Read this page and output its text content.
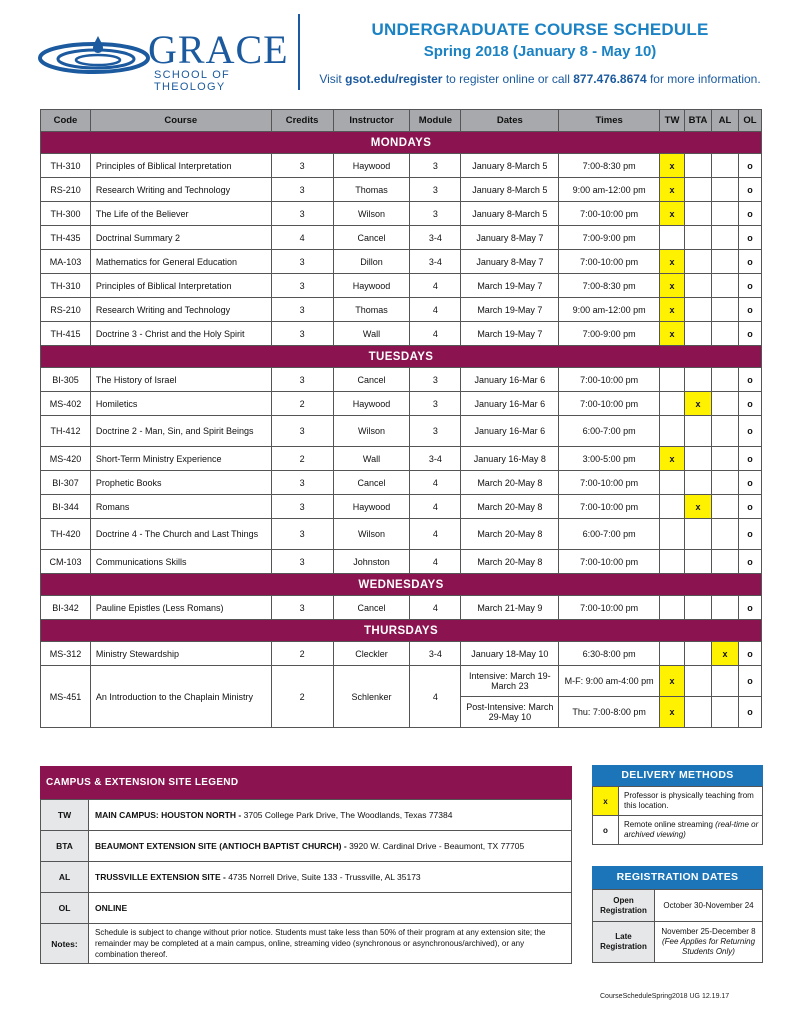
GRACE
SCHOOL OF THEOLOGY
UNDERGRADUATE COURSE SCHEDULE
Spring 2018 (January 8 - May 10)
Visit gsot.edu/register to register online or call 877.476.8674 for more information.
Code	Course	Credits	Instructor	Module	Dates	Times	TW	BTA	AL	OL
MONDAYS										
TH-310	Principles of Biblical Interpretation	3	Haywood	3	January 8-March 5	7:00-8:30 pm	x			o
RS-210	Research Writing and Technology	3	Thomas	3	January 8-March 5	9:00 am-12:00 pm	x			o
TH-300	The Life of the Believer	3	Wilson	3	January 8-March 5	7:00-10:00 pm	x			o
TH-435	Doctrinal Summary 2	4	Cancel	3-4	January 8-May 7	7:00-9:00 pm				o
MA-103	Mathematics for General Education	3	Dillon	3-4	January 8-May 7	7:00-10:00 pm	x			o
TH-310	Principles of Biblical Interpretation	3	Haywood	4	March 19-May 7	7:00-8:30 pm	x			o
RS-210	Research Writing and Technology	3	Thomas	4	March 19-May 7	9:00 am-12:00 pm	x			o
TH-415	Doctrine 3 - Christ and the Holy Spirit	3	Wall	4	March 19-May 7	7:00-9:00 pm	x			o
TUESDAYS										
BI-305	The History of Israel	3	Cancel	3	January 16-Mar 6	7:00-10:00 pm				o
MS-402	Homiletics	2	Haywood	3	January 16-Mar 6	7:00-10:00 pm		x		o
TH-412	Doctrine 2 - Man, Sin, and Spirit Beings	3	Wilson	3	January 16-Mar 6	6:00-7:00 pm				o
MS-420	Short-Term Ministry Experience	2	Wall	3-4	January 16-May 8	3:00-5:00 pm	x			o
BI-307	Prophetic Books	3	Cancel	4	March 20-May 8	7:00-10:00 pm				o
BI-344	Romans	3	Haywood	4	March 20-May 8	7:00-10:00 pm		x		o
TH-420	Doctrine 4 - The Church and Last Things	3	Wilson	4	March 20-May 8	6:00-7:00 pm				o
CM-103	Communications Skills	3	Johnston	4	March 20-May 8	7:00-10:00 pm				o
WEDNESDAYS										
BI-342	Pauline Epistles (Less Romans)	3	Cancel	4	March 21-May 9	7:00-10:00 pm				o
THURSDAYS										
MS-312	Ministry Stewardship	2	Cleckler	3-4	January 18-May 10	6:30-8:00 pm			x	o
MS-451	An Introduction to the Chaplain Ministry	2	Schlenker	4	Intensive: March 19-March 23	M-F: 9:00 am-4:00 pm	x			o
					Post-Intensive: March 29-May 10	Thu: 7:00-8:00 pm	x			o
CAMPUS & EXTENSION SITE LEGEND
TW	MAIN CAMPUS: HOUSTON NORTH - 3705 College Park Drive, The Woodlands, Texas 77384
BTA	BEAUMONT EXTENSION SITE (ANTIOCH BAPTIST CHURCH) - 3920 W. Cardinal Drive - Beaumont, TX 77705
AL	TRUSSVILLE EXTENSION SITE - 4735 Norrell Drive, Suite 133 - Trussville, AL 35173
OL	ONLINE
Notes:	Schedule is subject to change without prior notice. Students must take less than 50% of their program at any extension site; the remainder may be completed at a main campus, online, streaming video (synchronous or asynchronous/archived), or any combination thereof.
DELIVERY METHODS
x	Professor is physically teaching from this location.
o	Remote online streaming (real-time or archived viewing)
REGISTRATION DATES
Open Registration	October 30-November 24
Late Registration	November 25-December 8
(Fee Applies for Returning Students Only)
CourseScheduleSpring2018 UG 12.19.17
